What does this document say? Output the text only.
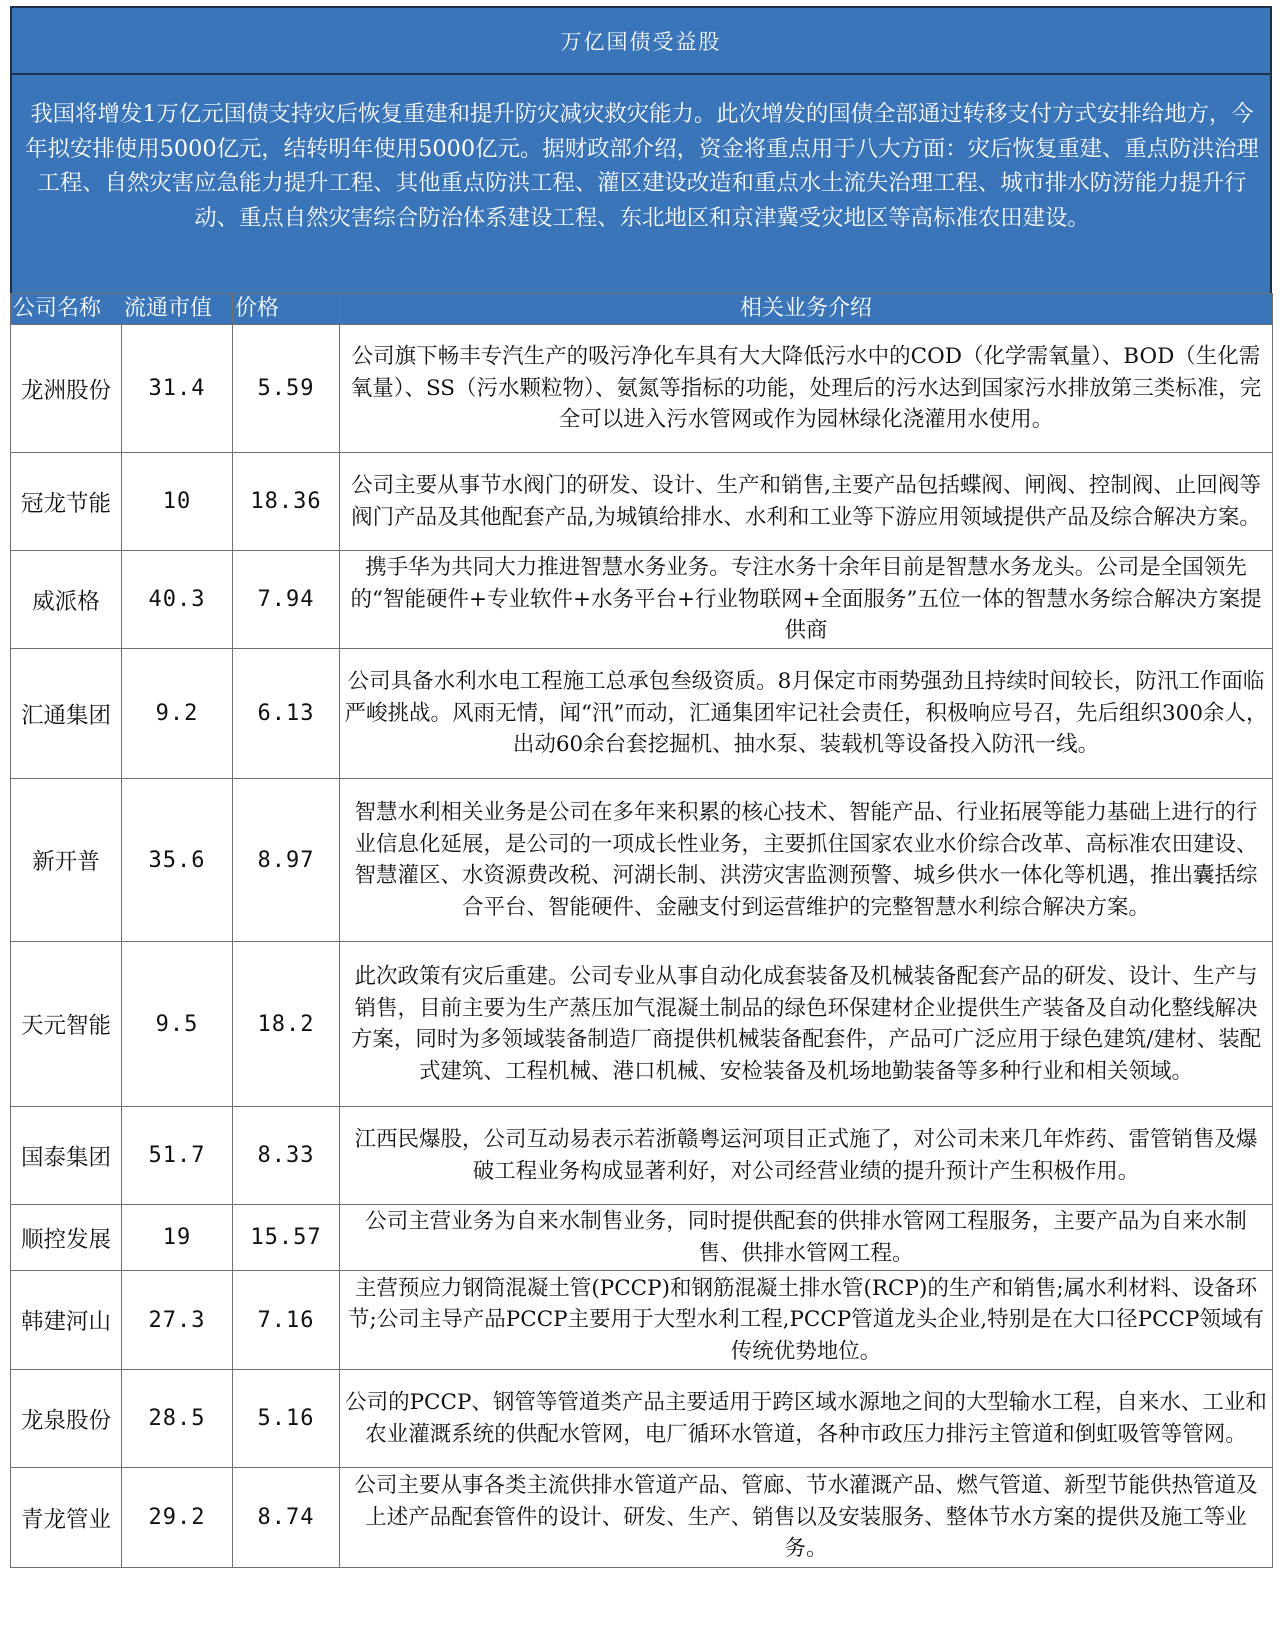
万亿国债受益股
我国将增发1万亿元国债支持灾后恢复重建和提升防灾减灾救灾能力。此次增发的国债全部通过转移支付方式安排给地方，今年拟安排使用5000亿元，结转明年使用5000亿元。据财政部介绍，资金将重点用于八大方面：灾后恢复重建、重点防洪治理工程、自然灾害应急能力提升工程、其他重点防洪工程、灌区建设改造和重点水土流失治理工程、城市排水防涝能力提升行动、重点自然灾害综合防治体系建设工程、东北地区和京津冀受灾地区等高标准农田建设。
公司名称	流通市值	价格	相关业务介绍
龙洲股份	31.4	5.59	公司旗下畅丰专汽生产的吸污净化车具有大大降低污水中的COD（化学需氧量）、BOD（生化需氧量）、SS（污水颗粒物）、氨氮等指标的功能，处理后的污水达到国家污水排放第三类标准，完全可以进入污水管网或作为园林绿化浇灌用水使用。
冠龙节能	10	18.36	公司主要从事节水阀门的研发、设计、生产和销售,主要产品包括蝶阀、闸阀、控制阀、止回阀等阀门产品及其他配套产品,为城镇给排水、水利和工业等下游应用领域提供产品及综合解决方案。
威派格	40.3	7.94	携手华为共同大力推进智慧水务业务。专注水务十余年目前是智慧水务龙头。公司是全国领先的“智能硬件+专业软件+水务平台+行业物联网+全面服务”五位一体的智慧水务综合解决方案提供商
汇通集团	9.2	6.13	公司具备水利水电工程施工总承包叁级资质。8月保定市雨势强劲且持续时间较长，防汛工作面临严峻挑战。风雨无情，闻“汛”而动，汇通集团牢记社会责任，积极响应号召，先后组织300余人，出动60余台套挖掘机、抽水泵、装载机等设备投入防汛一线。
新开普	35.6	8.97	智慧水利相关业务是公司在多年来积累的核心技术、智能产品、行业拓展等能力基础上进行的行业信息化延展，是公司的一项成长性业务，主要抓住国家农业水价综合改革、高标准农田建设、智慧灌区、水资源费改税、河湖长制、洪涝灾害监测预警、城乡供水一体化等机遇，推出囊括综合平台、智能硬件、金融支付到运营维护的完整智慧水利综合解决方案。
天元智能	9.5	18.2	此次政策有灾后重建。公司专业从事自动化成套装备及机械装备配套产品的研发、设计、生产与销售，目前主要为生产蒸压加气混凝土制品的绿色环保建材企业提供生产装备及自动化整线解决方案，同时为多领域装备制造厂商提供机械装备配套件，产品可广泛应用于绿色建筑/建材、装配式建筑、工程机械、港口机械、安检装备及机场地勤装备等多种行业和相关领域。
国泰集团	51.7	8.33	江西民爆股，公司互动易表示若浙赣粤运河项目正式施了，对公司未来几年炸药、雷管销售及爆破工程业务构成显著利好，对公司经营业绩的提升预计产生积极作用。
顺控发展	19	15.57	公司主营业务为自来水制售业务，同时提供配套的供排水管网工程服务，主要产品为自来水制售、供排水管网工程。
韩建河山	27.3	7.16	主营预应力钢筒混凝土管(PCCP)和钢筋混凝土排水管(RCP)的生产和销售;属水利材料、设备环节;公司主导产品PCCP主要用于大型水利工程,PCCP管道龙头企业,特别是在大口径PCCP领域有传统优势地位。
龙泉股份	28.5	5.16	公司的PCCP、钢管等管道类产品主要适用于跨区域水源地之间的大型输水工程，自来水、工业和农业灌溉系统的供配水管网，电厂循环水管道，各种市政压力排污主管道和倒虹吸管等管网。
青龙管业	29.2	8.74	公司主要从事各类主流供排水管道产品、管廊、节水灌溉产品、燃气管道、新型节能供热管道及上述产品配套管件的设计、研发、生产、销售以及安装服务、整体节水方案的提供及施工等业务。
